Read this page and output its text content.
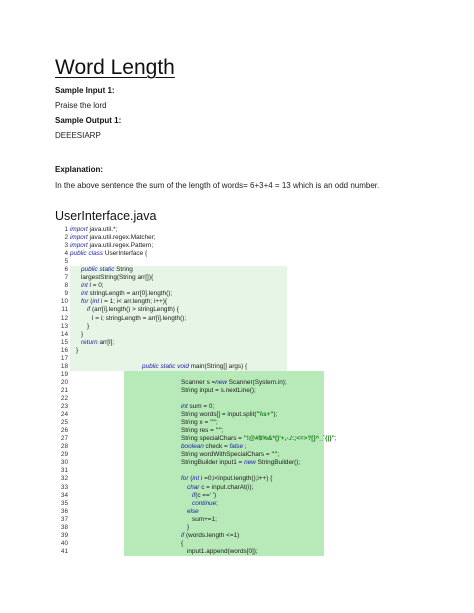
Word Length
Sample Input 1:
Praise the lord
Sample Output 1:
DEEESIARP
Explanation:
In the above sentence the sum of the length of words= 6+3+4 = 13 which is an odd number.
UserInterface.java
1 import java.util.*;
2 import java.util.regex.Matcher;
3 import java.util.regex.Pattern;
4 public class UserInterface {
5
6 public static String
7 largestString(String arr[]){
8 int l = 0;
9 int stringLength = arr[0].length();
10 for (int i = 1; i< arr.length; i++){
11	if (arr[i].length() > stringLength) {
12	l = i; stringLength = arr[i].length();
13	}
14 }
15 return arr[l];
16 }
17
18	public static void main(String[] args) {
19
20	Scanner s =new Scanner(System.in);
21	String input = s.nextLine();
22
23	int sum = 0;
24	String words[] = input.split("\\s+");
25	String x = "";
26	String res = "";
27	String specialChars = "!@#$%&*()'+,-./:;<=>?[]^_`{|}";
28	boolean check = false ;
29	String wordWithSpecialChars = "";
30	StringBuilder input1 = new StringBuilder();
31
32	for (int i =0;i<input.length();i++) {
33	char c = input.charAt(i);
34	if(c ==' ')
35	continue;
36	else
37	sum+=1;
38	}
39	if (words.length <=1)
40	{
41	input1.append(words[0]);
